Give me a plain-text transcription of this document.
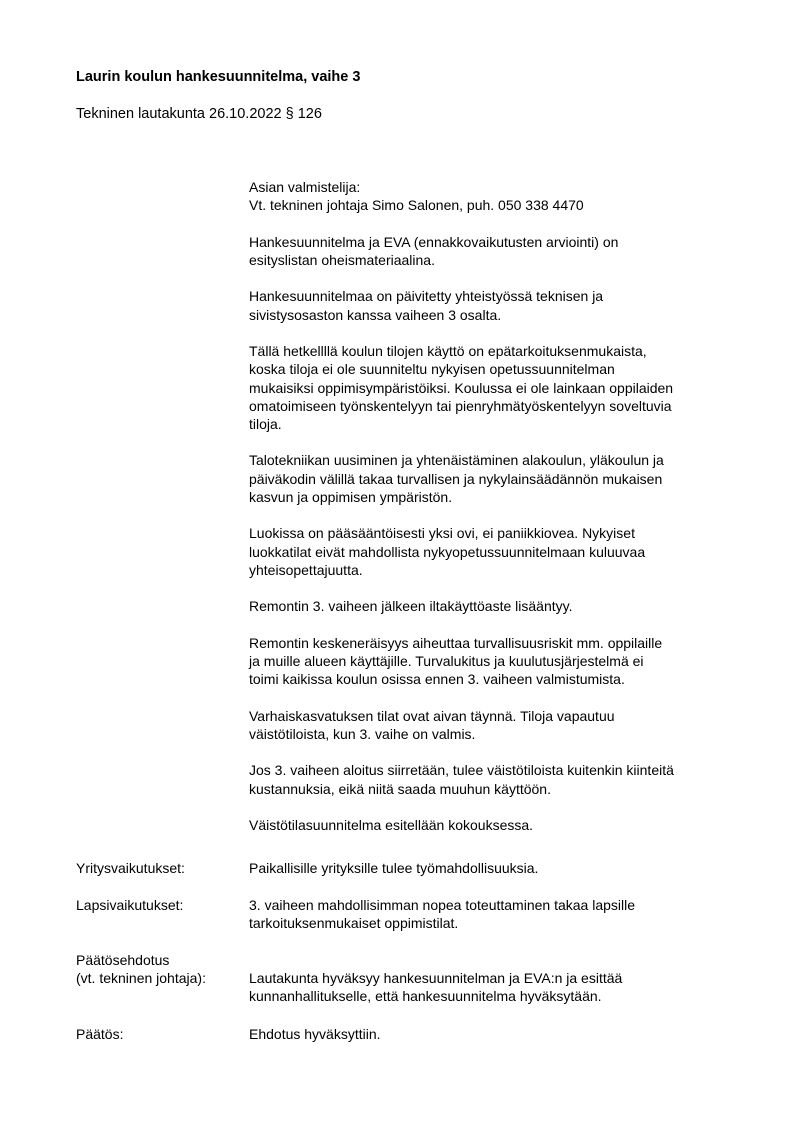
Laurin koulun hankesuunnitelma, vaihe 3
Tekninen lautakunta 26.10.2022 § 126

Asian valmistelija:
Vt. tekninen johtaja Simo Salonen, puh. 050 338 4470

Hankesuunnitelma ja EVA (ennakkovaikutusten arviointi) on
esityslistan oheismateriaalina.

Hankesuunnitelmaa on päivitetty yhteistyössä teknisen ja
sivistysosaston kanssa vaiheen 3 osalta.

Tällä hetkellllä koulun tilojen käyttö on epätarkoituksenmukaista,
koska tiloja ei ole suunniteltu nykyisen opetussuunnitelman
mukaisiksi oppimisympäristöiksi. Koulussa ei ole lainkaan oppilaiden
omatoimiseen työnskentelyyn tai pienryhmätyöskentelyyn soveltuvia
tiloja.

Talotekniikan uusiminen ja yhtenäistäminen alakoulun, yläkoulun ja
päiväkodin välillä takaa turvallisen ja nykylainsäädännön mukaisen
kasvun ja oppimisen ympäristön.

Luokissa on pääsääntöisesti yksi ovi, ei paniikkiovea. Nykyiset
luokkatilat eivät mahdollista nykyopetussuunnitelmaan kuluuvaa
yhteisopettajuutta.

Remontin 3. vaiheen jälkeen iltakäyttöaste lisääntyy.

Remontin keskeneräisyys aiheuttaa turvallisuusriskit mm. oppilaille
ja muille alueen käyttäjille. Turvalukitus ja kuulutusjärjestelmä ei
toimi kaikissa koulun osissa ennen 3. vaiheen valmistumista.

Varhaiskasvatuksen tilat ovat aivan täynnä. Tiloja vapautuu
väistötiloista, kun 3. vaihe on valmis.

Jos 3. vaiheen aloitus siirretään, tulee väistötiloista kuitenkin kiinteitä
kustannuksia, eikä niitä saada muuhun käyttöön.

Väistötilasuunnitelma esitellään kokouksessa.

Yritysvaikutukset:	Paikallisille yrityksille tulee työmahdollisuuksia.
Lapsivaikutukset:	3. vaiheen mahdollisimman nopea toteuttaminen takaa lapsille
tarkoituksenmukaiset oppimistilat.
Päätösehdotus
(vt. tekninen johtaja):	Lautakunta hyväksyy hankesuunnitelman ja EVA:n ja esittää
kunnanhallitukselle, että hankesuunnitelma hyväksytään.
Päätös:	Ehdotus hyväksyttiin.
